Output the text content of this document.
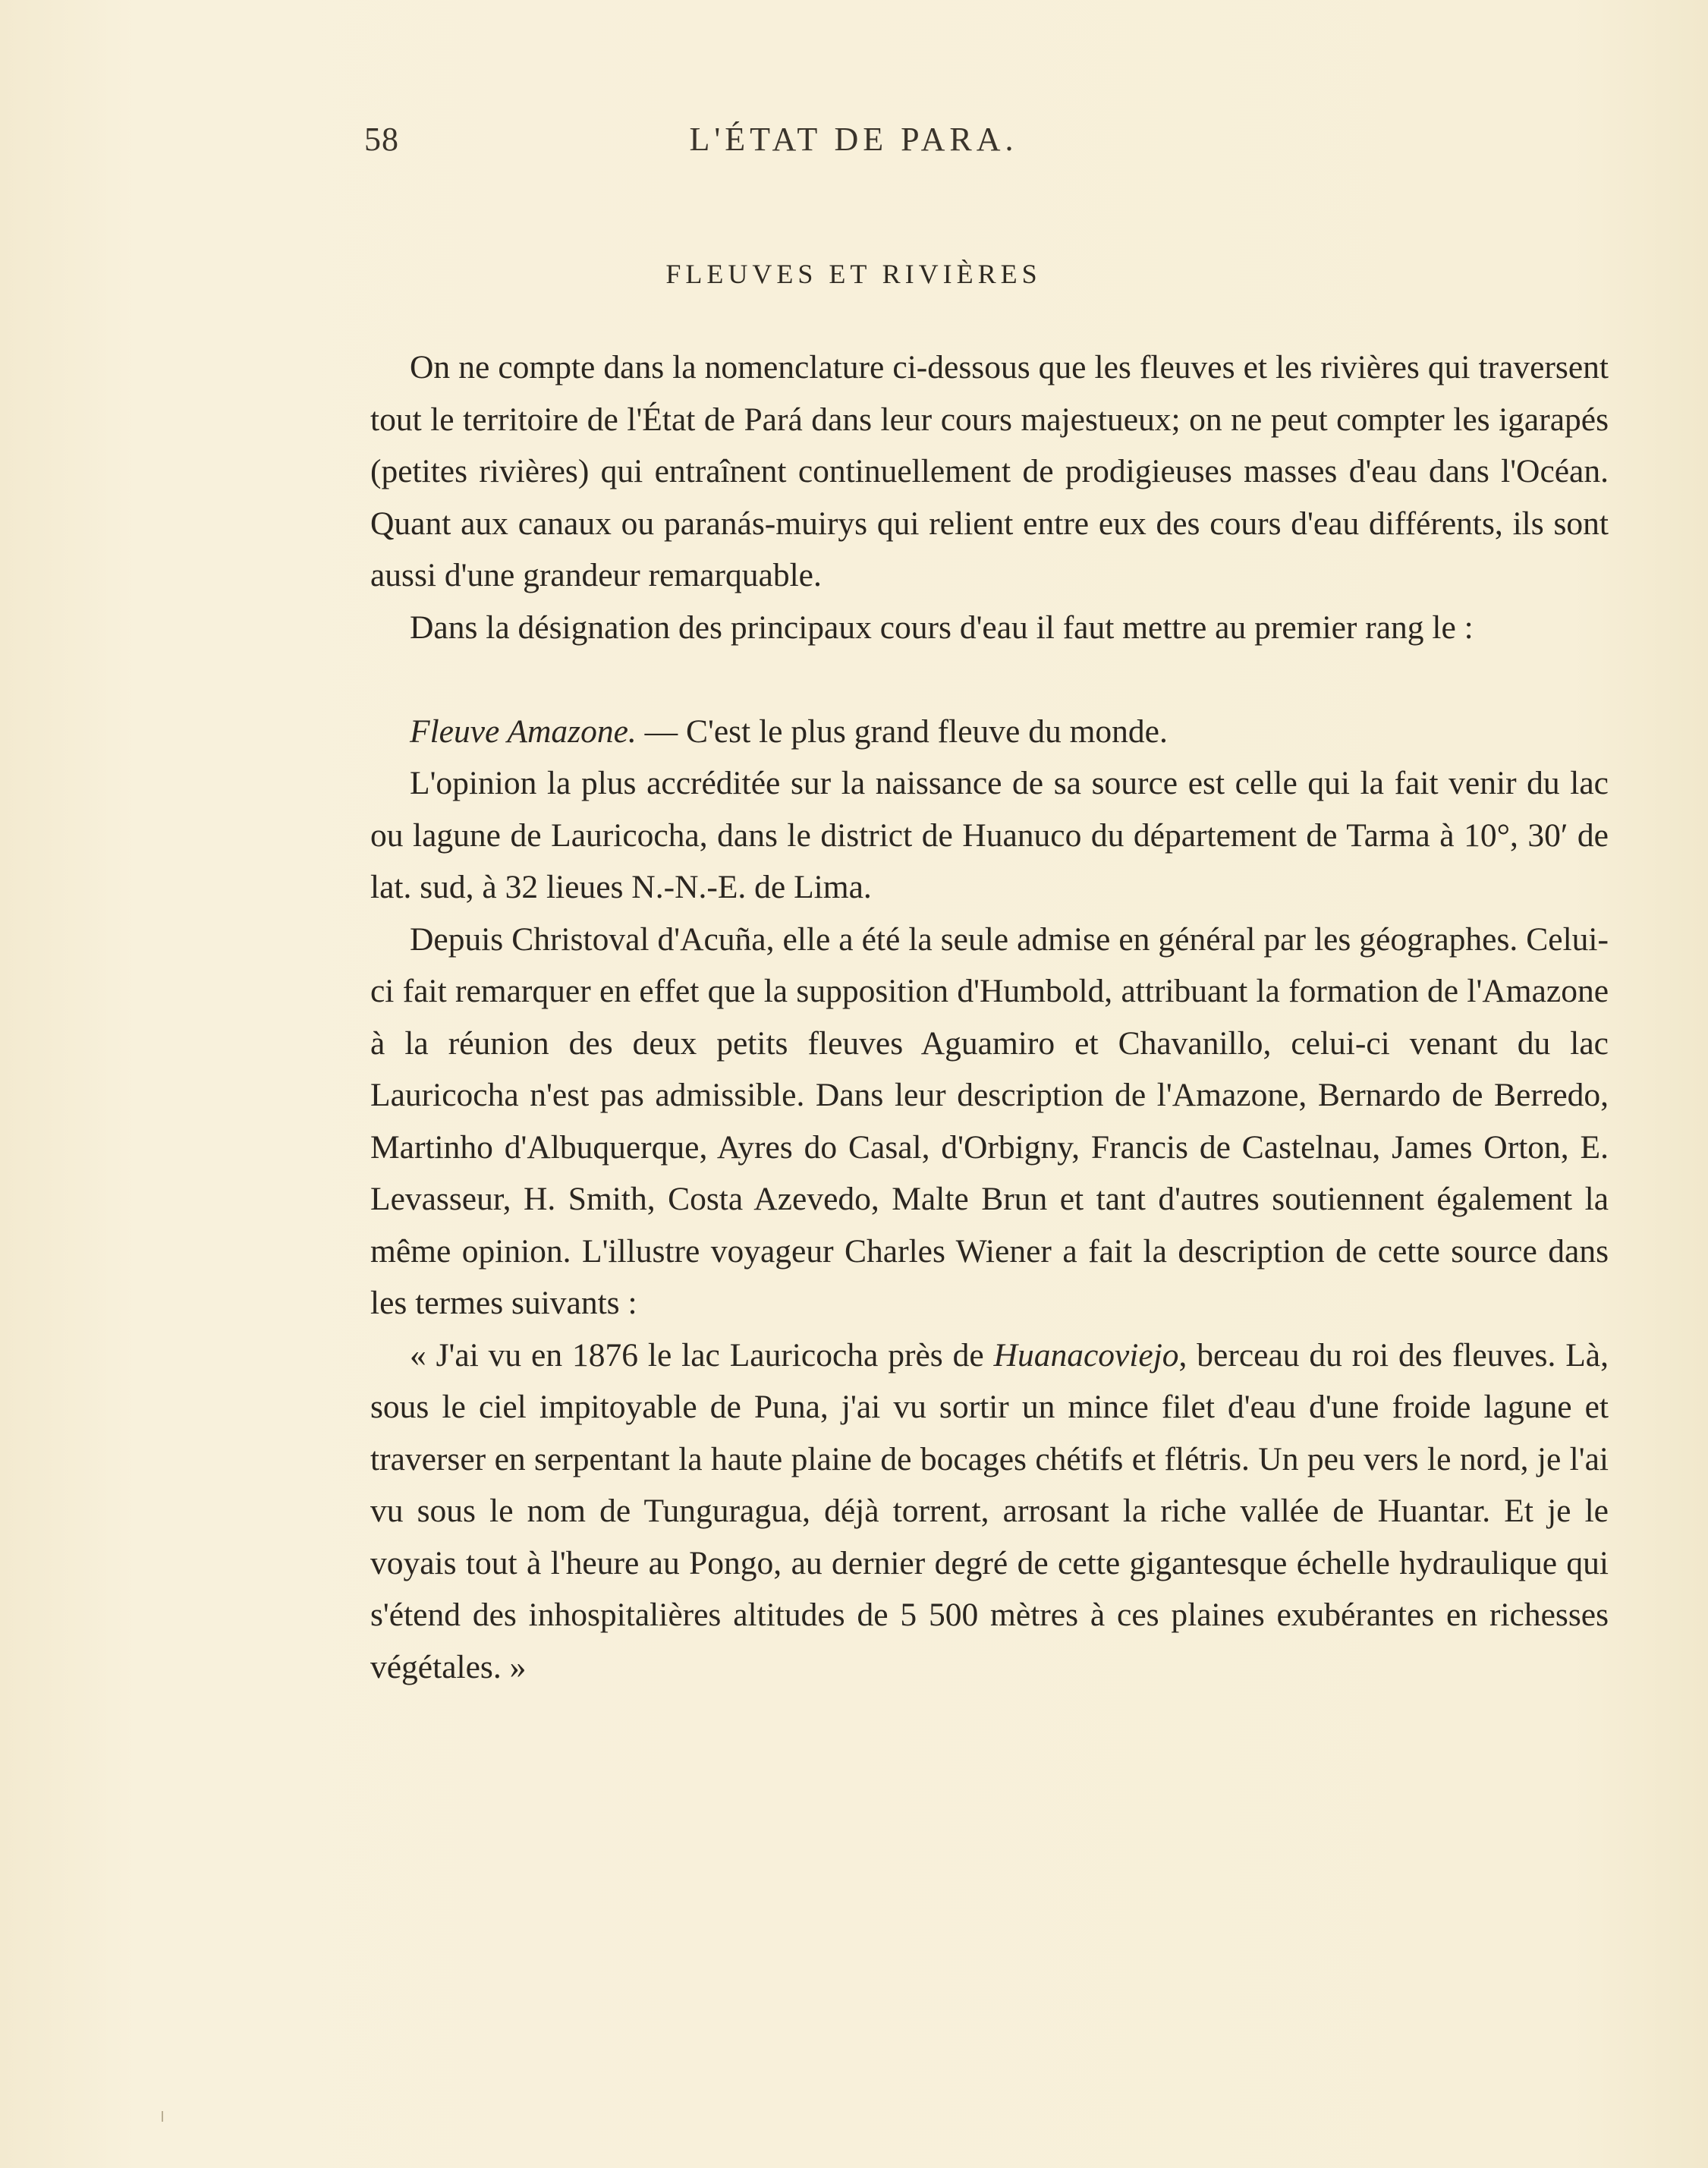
58	L'ÉTAT DE PARA.
FLEUVES ET RIVIÈRES

On ne compte dans la nomenclature ci-dessous que les fleuves et les rivières qui traversent tout le territoire de l'État de Pará dans leur cours majestueux; on ne peut compter les igarapés (petites rivières) qui entraînent continuellement de prodigieuses masses d'eau dans l'Océan. Quant aux canaux ou paranás-muirys qui relient entre eux des cours d'eau différents, ils sont aussi d'une grandeur remarquable.

Dans la désignation des principaux cours d'eau il faut mettre au premier rang le :

Fleuve Amazone. — C'est le plus grand fleuve du monde.

L'opinion la plus accréditée sur la naissance de sa source est celle qui la fait venir du lac ou lagune de Lauricocha, dans le district de Huanuco du département de Tarma à 10°, 30′ de lat. sud, à 32 lieues N.-N.-E. de Lima.

Depuis Christoval d'Acuña, elle a été la seule admise en général par les géographes. Celui-ci fait remarquer en effet que la supposition d'Humbold, attribuant la formation de l'Amazone à la réunion des deux petits fleuves Aguamiro et Chavanillo, celui-ci venant du lac Lauricocha n'est pas admissible. Dans leur description de l'Amazone, Bernardo de Berredo, Martinho d'Albuquerque, Ayres do Casal, d'Orbigny, Francis de Castelnau, James Orton, E. Levasseur, H. Smith, Costa Azevedo, Malte Brun et tant d'autres soutiennent également la même opinion. L'illustre voyageur Charles Wiener a fait la description de cette source dans les termes suivants :

« J'ai vu en 1876 le lac Lauricocha près de Huanacoviejo, berceau du roi des fleuves. Là, sous le ciel impitoyable de Puna, j'ai vu sortir un mince filet d'eau d'une froide lagune et traverser en serpentant la haute plaine de bocages chétifs et flétris. Un peu vers le nord, je l'ai vu sous le nom de Tunguragua, déjà torrent, arrosant la riche vallée de Huantar. Et je le voyais tout à l'heure au Pongo, au dernier degré de cette gigantesque échelle hydraulique qui s'étend des inhospitalières altitudes de 5 500 mètres à ces plaines exubérantes en richesses végétales. »
